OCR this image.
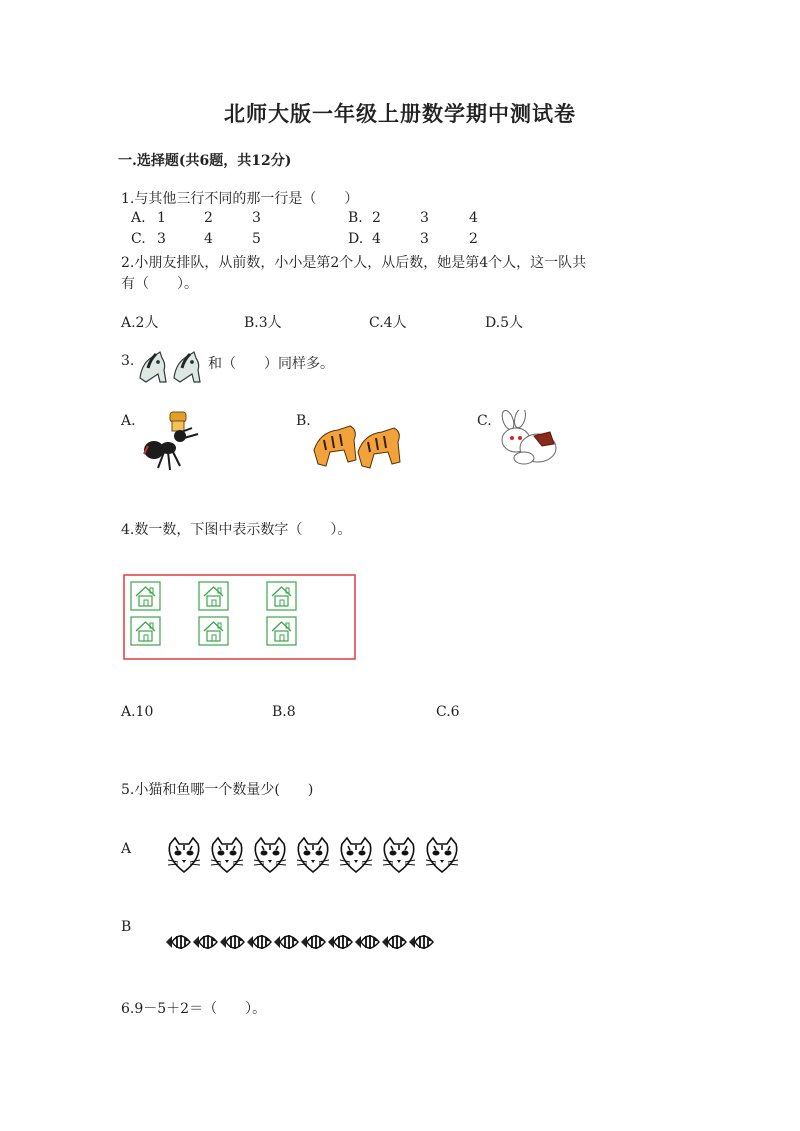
北师大版一年级上册数学期中测试卷
一.选择题(共6题，共12分)
1.与其他三行不同的那一行是（　　）
A. 1	2	3	B. 2	3	4
C. 3	4	5	D. 4	3	2
2.小朋友排队，从前数，小小是第2个人，从后数，她是第4个人，这一队共
有（　　）。
A.2人	B.3人	C.4人	D.5人
3.	和（　　）同样多。
A.	B.	C.
4.数一数，下图中表示数字（　　）。
A.10	B.8	C.6
5.小猫和鱼哪一个数量少(　　)
A
B
6.9－5＋2＝（　　）。
